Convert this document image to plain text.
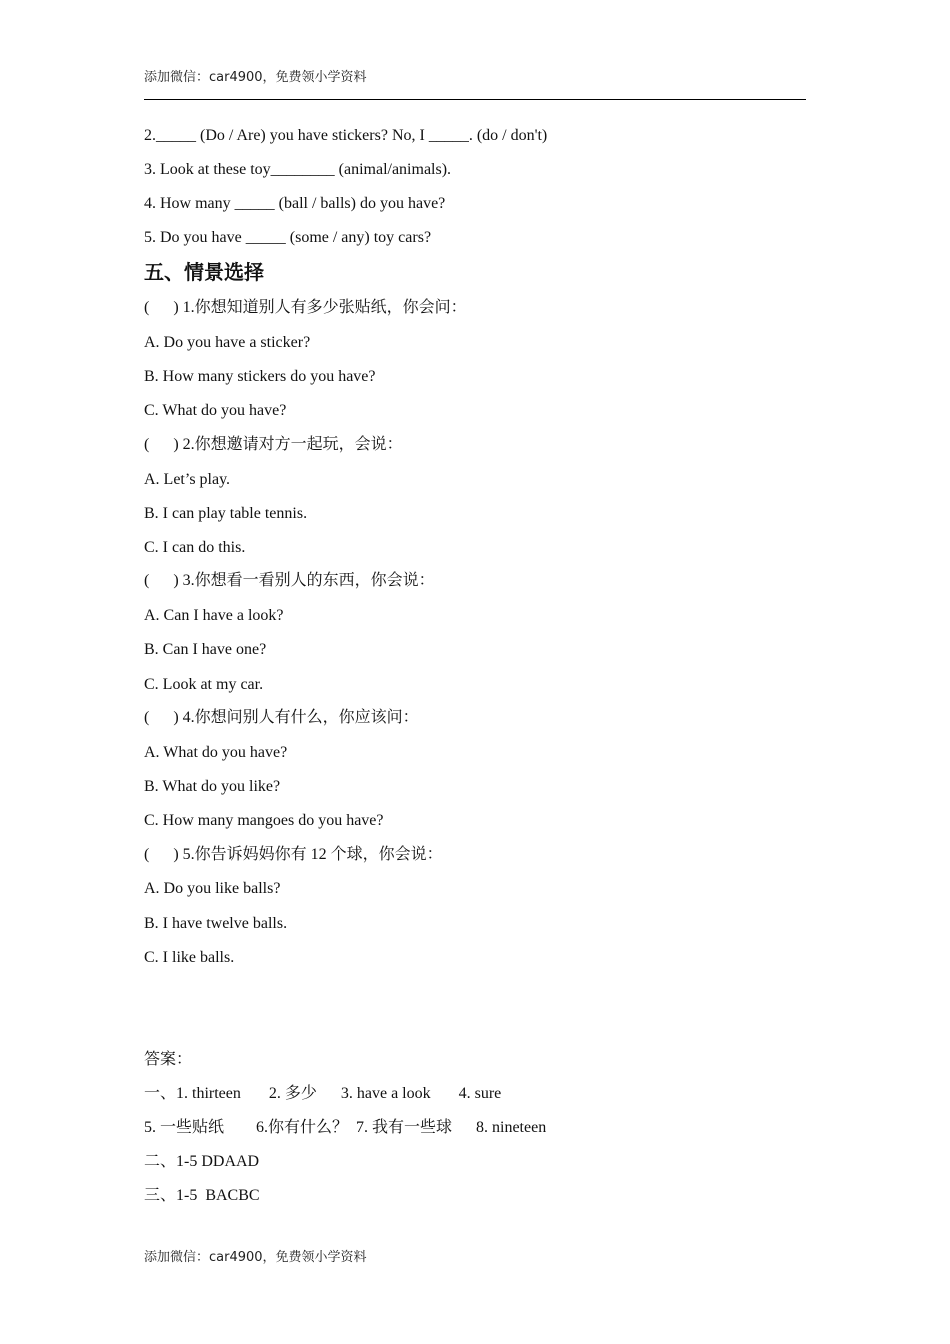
添加微信：car4900，免费领小学资料
2._____ (Do / Are) you have stickers? No, I _____. (do / don't)
3. Look at these toy________ (animal/animals).
4. How many _____ (ball / balls) do you have?
5. Do you have _____ (some / any) toy cars?
五、情景选择
(      ) 1.你想知道别人有多少张贴纸，你会问：
A. Do you have a sticker?
B. How many stickers do you have?
C. What do you have?
(      ) 2.你想邀请对方一起玩，会说：
A. Let’s play.
B. I can play table tennis.
C. I can do this.
(      ) 3.你想看一看别人的东西，你会说：
A. Can I have a look?
B. Can I have one?
C. Look at my car.
(      ) 4.你想问别人有什么，你应该问：
A. What do you have?
B. What do you like?
C. How many mangoes do you have?
(      ) 5.你告诉妈妈你有 12 个球，你会说：
A. Do you like balls?
B. I have twelve balls.
C. I like balls.
答案：
一、1. thirteen       2. 多少      3. have a look       4. sure
5. 一些贴纸        6.你有什么？  7. 我有一些球      8. nineteen
二、1-5 DDAAD
三、1-5  BACBC
添加微信：car4900，免费领小学资料
